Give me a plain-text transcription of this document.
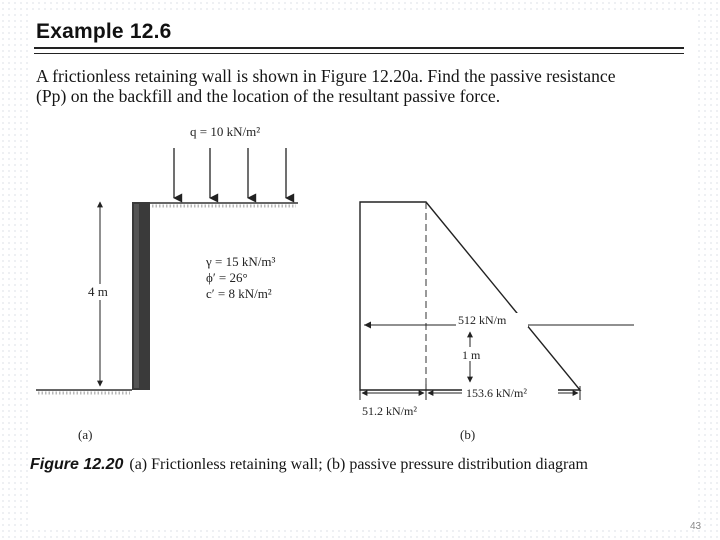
Example 12.6
A frictionless retaining wall is shown in Figure 12.20a. Find the passive resistance
(Pp) on the backfill and the location of the resultant passive force.
q = 10 kN/m²
4 m
γ = 15 kN/m³
ϕ′ = 26°
c′ = 8 kN/m²
(a)
512 kN/m
1 m
153.6 kN/m²
51.2 kN/m²
(b)
Figure 12.20 (a) Frictionless retaining wall; (b) passive pressure distribution diagram
43
